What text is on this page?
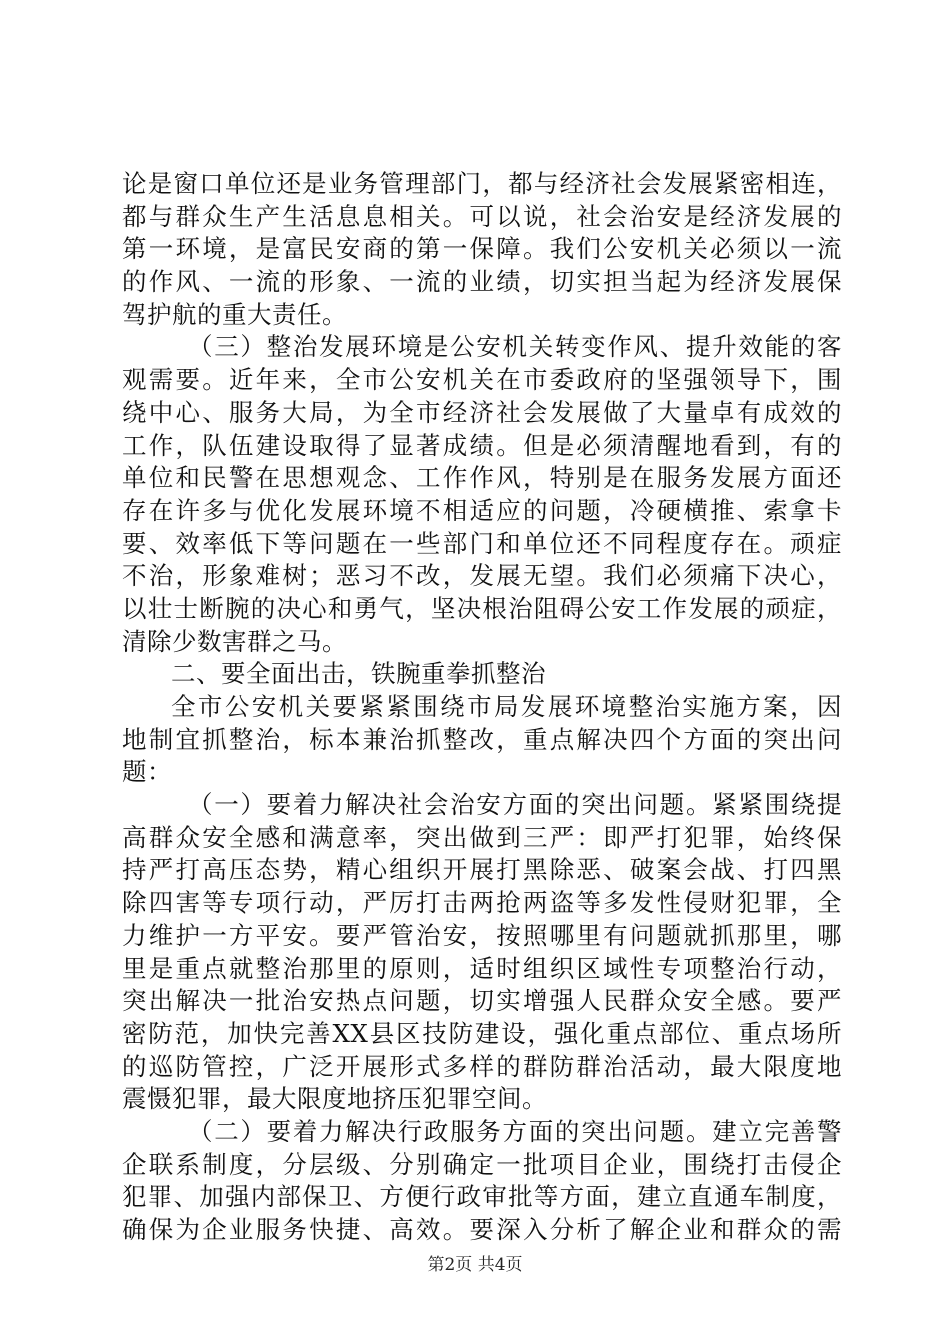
论是窗口单位还是业务管理部门，都与经济社会发展紧密相连，
都与群众生产生活息息相关。可以说，社会治安是经济发展的
第一环境，是富民安商的第一保障。我们公安机关必须以一流
的作风、一流的形象、一流的业绩，切实担当起为经济发展保
驾护航的重大责任。
（三）整治发展环境是公安机关转变作风、提升效能的客
观需要。近年来，全市公安机关在市委政府的坚强领导下，围
绕中心、服务大局，为全市经济社会发展做了大量卓有成效的
工作，队伍建设取得了显著成绩。但是必须清醒地看到，有的
单位和民警在思想观念、工作作风，特别是在服务发展方面还
存在许多与优化发展环境不相适应的问题，冷硬横推、索拿卡
要、效率低下等问题在一些部门和单位还不同程度存在。顽症
不治，形象难树；恶习不改，发展无望。我们必须痛下决心，
以壮士断腕的决心和勇气，坚决根治阻碍公安工作发展的顽症，
清除少数害群之马。
二、要全面出击，铁腕重拳抓整治
全市公安机关要紧紧围绕市局发展环境整治实施方案，因
地制宜抓整治，标本兼治抓整改，重点解决四个方面的突出问
题：
（一）要着力解决社会治安方面的突出问题。紧紧围绕提
高群众安全感和满意率，突出做到三严：即严打犯罪，始终保
持严打高压态势，精心组织开展打黑除恶、破案会战、打四黑
除四害等专项行动，严厉打击两抢两盗等多发性侵财犯罪，全
力维护一方平安。要严管治安，按照哪里有问题就抓那里，哪
里是重点就整治那里的原则，适时组织区域性专项整治行动，
突出解决一批治安热点问题，切实增强人民群众安全感。要严
密防范，加快完善XX县区技防建设，强化重点部位、重点场所
的巡防管控，广泛开展形式多样的群防群治活动，最大限度地
震慑犯罪，最大限度地挤压犯罪空间。
（二）要着力解决行政服务方面的突出问题。建立完善警
企联系制度，分层级、分别确定一批项目企业，围绕打击侵企
犯罪、加强内部保卫、方便行政审批等方面，建立直通车制度，
确保为企业服务快捷、高效。要深入分析了解企业和群众的需
第2页 共4页
